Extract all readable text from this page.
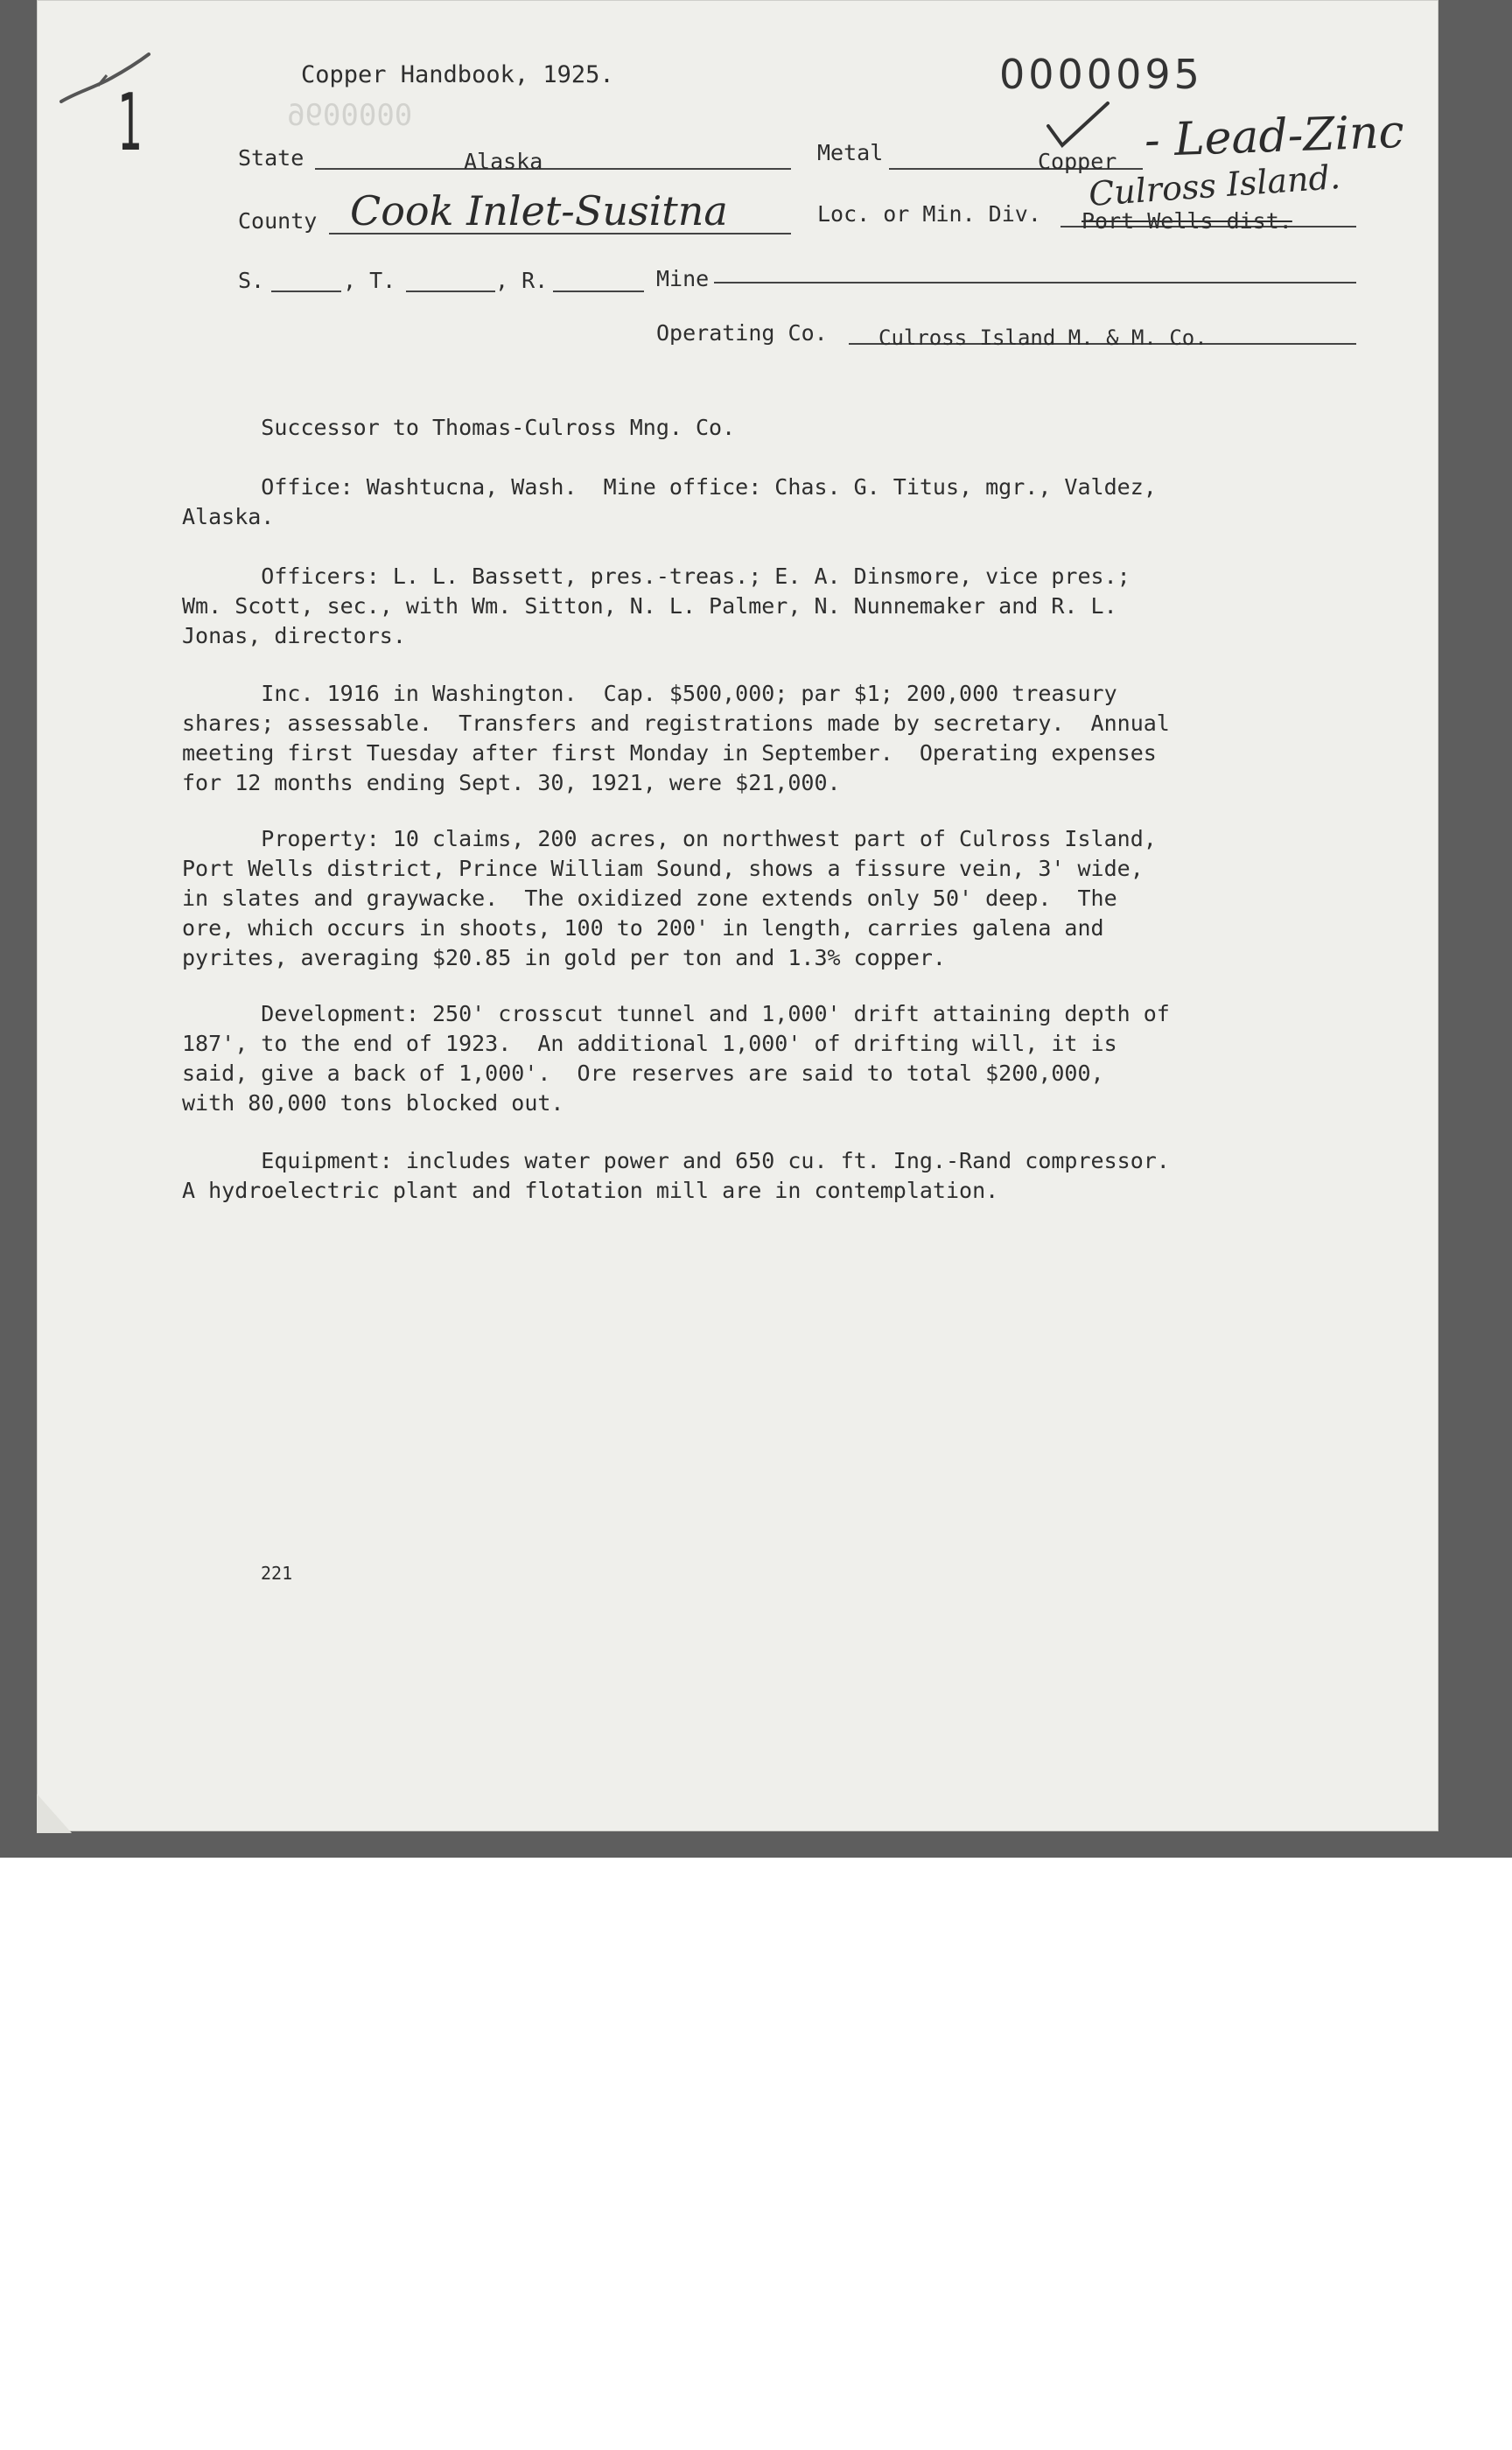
1
Copper Handbook, 1925.
0000096
0000095
State	Alaska	Metal	Copper - Lead-Zinc
County Cook Inlet-Susitna	Loc. or Min. Div. Port Wells dist.
Culross Island.
S.	, T.	, R.	Mine
Operating Co. Culross Island M. & M. Co.
Successor to Thomas-Culross Mng. Co.
Office: Washtucna, Wash.  Mine office: Chas. G. Titus, mgr., Valdez,
Alaska.
Officers: L. L. Bassett, pres.-treas.; E. A. Dinsmore, vice pres.;
Wm. Scott, sec., with Wm. Sitton, N. L. Palmer, N. Nunnemaker and R. L.
Jonas, directors.
Inc. 1916 in Washington.  Cap. $500,000; par $1; 200,000 treasury
shares; assessable.  Transfers and registrations made by secretary.  Annual
meeting first Tuesday after first Monday in September.  Operating expenses
for 12 months ending Sept. 30, 1921, were $21,000.
Property: 10 claims, 200 acres, on northwest part of Culross Island,
Port Wells district, Prince William Sound, shows a fissure vein, 3' wide,
in slates and graywacke.  The oxidized zone extends only 50' deep.  The
ore, which occurs in shoots, 100 to 200' in length, carries galena and
pyrites, averaging $20.85 in gold per ton and 1.3% copper.
Development: 250' crosscut tunnel and 1,000' drift attaining depth of
187', to the end of 1923.  An additional 1,000' of drifting will, it is
said, give a back of 1,000'.  Ore reserves are said to total $200,000,
with 80,000 tons blocked out.
Equipment: includes water power and 650 cu. ft. Ing.-Rand compressor.
A hydroelectric plant and flotation mill are in contemplation.
221
